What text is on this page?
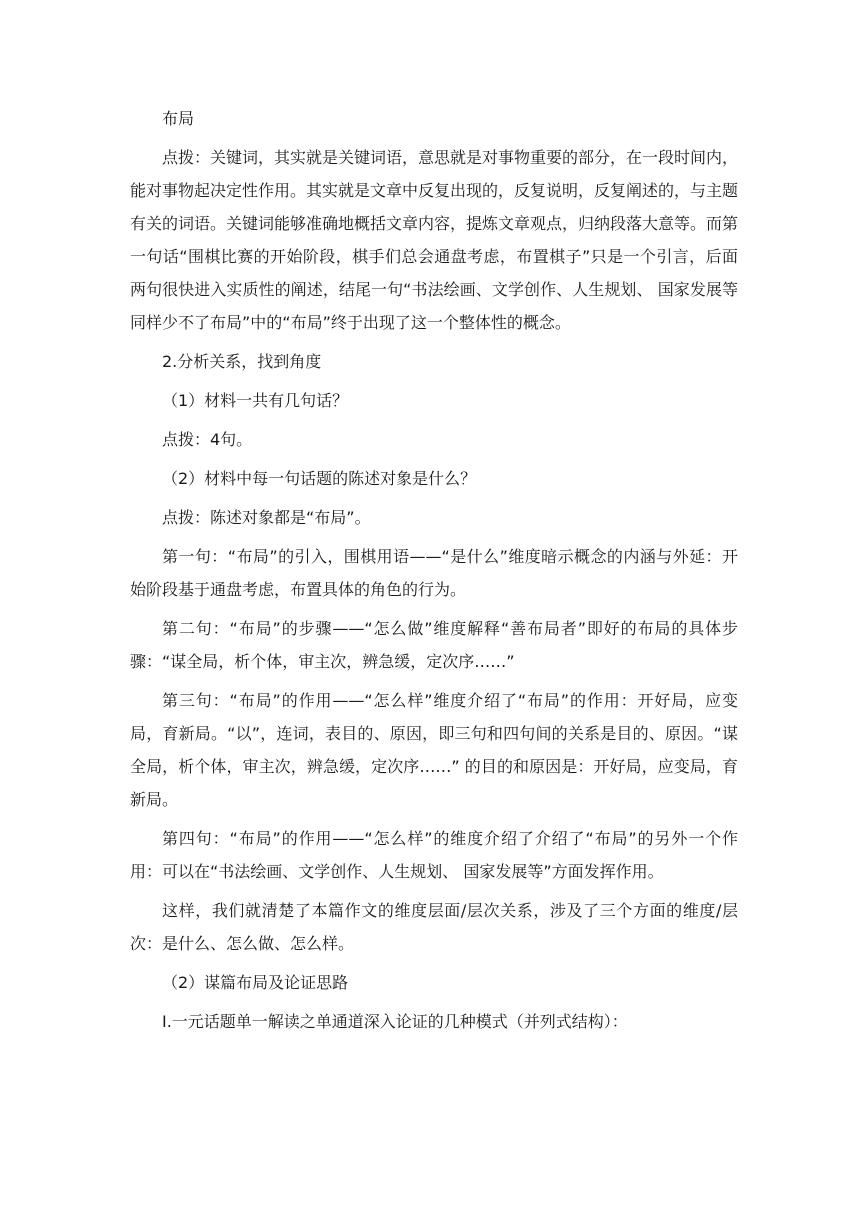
布局

点拨：关键词，其实就是关键词语，意思就是对事物重要的部分，在一段时间内，能对事物起决定性作用。其实就是文章中反复出现的，反复说明，反复阐述的，与主题有关的词语。关键词能够准确地概括文章内容，提炼文章观点，归纳段落大意等。而第一句话“围棋比赛的开始阶段，棋手们总会通盘考虑，布置棋子”只是一个引言，后面两句很快进入实质性的阐述，结尾一句“书法绘画、文学创作、人生规划、 国家发展等同样少不了布局”中的“布局”终于出现了这一个整体性的概念。

2.分析关系，找到角度

（1）材料一共有几句话？

点拨：4句。

（2）材料中每一句话题的陈述对象是什么？

点拨：陈述对象都是“布局”。

第一句：“布局”的引入，围棋用语——“是什么”维度暗示概念的内涵与外延：开始阶段基于通盘考虑，布置具体的角色的行为。

第二句：“布局”的步骤——“怎么做”维度解释“善布局者”即好的布局的具体步骤：“谋全局，析个体，审主次，辨急缓，定次序……”

第三句：“布局”的作用——“怎么样”维度介绍了“布局”的作用：开好局，应变局，育新局。“以”，连词，表目的、原因，即三句和四句间的关系是目的、原因。“谋全局，析个体，审主次，辨急缓，定次序……” 的目的和原因是：开好局，应变局，育新局。

第四句：“布局”的作用——“怎么样”的维度介绍了介绍了“布局”的另外一个作用：可以在“书法绘画、文学创作、人生规划、 国家发展等”方面发挥作用。

这样，我们就清楚了本篇作文的维度层面/层次关系，涉及了三个方面的维度/层次：是什么、怎么做、怎么样。

（2）谋篇布局及论证思路

Ⅰ.一元话题单一解读之单通道深入论证的几种模式（并列式结构）：
